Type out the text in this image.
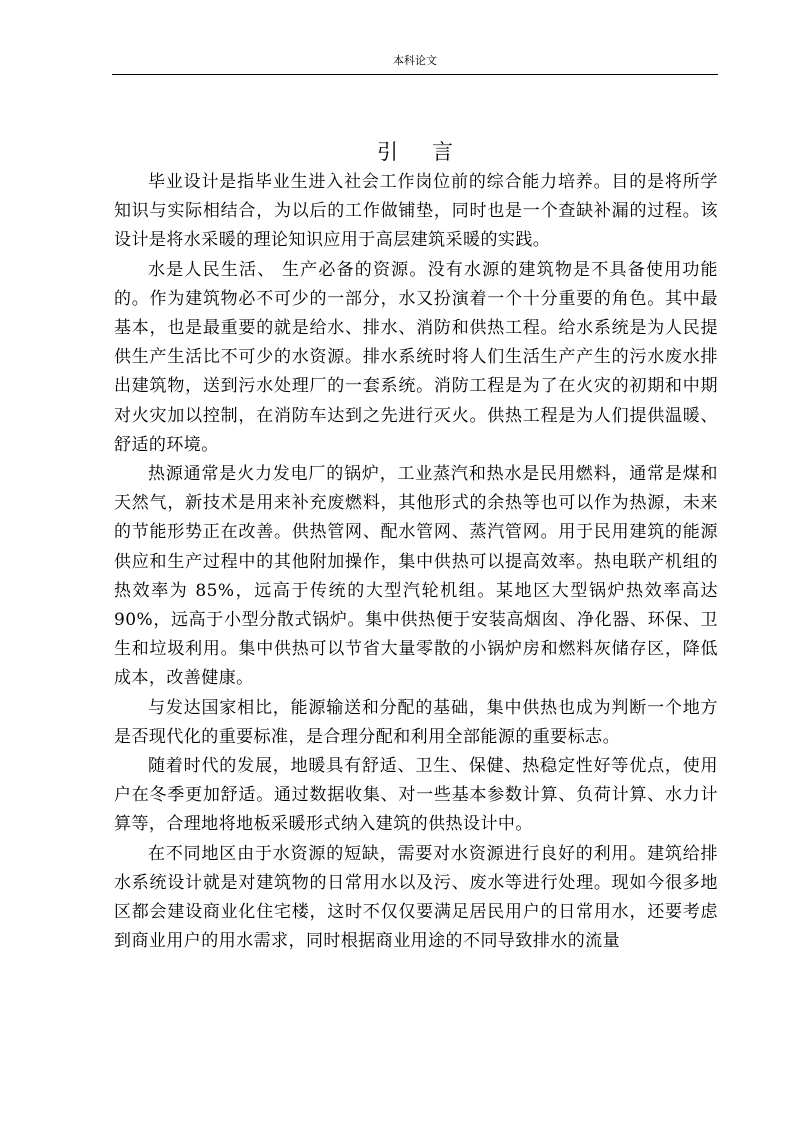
本科论文
引言

毕业设计是指毕业生进入社会工作岗位前的综合能力培养。目的是将所学知识与实际相结合，为以后的工作做铺垫，同时也是一个查缺补漏的过程。该设计是将水采暖的理论知识应用于高层建筑采暖的实践。

水是人民生活、 生产必备的资源。没有水源的建筑物是不具备使用功能的。作为建筑物必不可少的一部分，水又扮演着一个十分重要的角色。其中最基本，也是最重要的就是给水、排水、消防和供热工程。给水系统是为人民提供生产生活比不可少的水资源。排水系统时将人们生活生产产生的污水废水排出建筑物，送到污水处理厂的一套系统。消防工程是为了在火灾的初期和中期对火灾加以控制，在消防车达到之先进行灭火。供热工程是为人们提供温暖、舒适的环境。

热源通常是火力发电厂的锅炉，工业蒸汽和热水是民用燃料，通常是煤和天然气，新技术是用来补充废燃料，其他形式的余热等也可以作为热源，未来的节能形势正在改善。供热管网、配水管网、蒸汽管网。用于民用建筑的能源供应和生产过程中的其他附加操作，集中供热可以提高效率。热电联产机组的热效率为 85%，远高于传统的大型汽轮机组。某地区大型锅炉热效率高达 90%，远高于小型分散式锅炉。集中供热便于安装高烟囱、净化器、环保、卫生和垃圾利用。集中供热可以节省大量零散的小锅炉房和燃料灰储存区，降低成本，改善健康。

与发达国家相比，能源输送和分配的基础，集中供热也成为判断一个地方是否现代化的重要标准，是合理分配和利用全部能源的重要标志。

随着时代的发展，地暖具有舒适、卫生、保健、热稳定性好等优点，使用户在冬季更加舒适。通过数据收集、对一些基本参数计算、负荷计算、水力计算等，合理地将地板采暖形式纳入建筑的供热设计中。

在不同地区由于水资源的短缺，需要对水资源进行良好的利用。建筑给排水系统设计就是对建筑物的日常用水以及污、废水等进行处理。现如今很多地区都会建设商业化住宅楼，这时不仅仅要满足居民用户的日常用水，还要考虑到商业用户的用水需求，同时根据商业用途的不同导致排水的流量
